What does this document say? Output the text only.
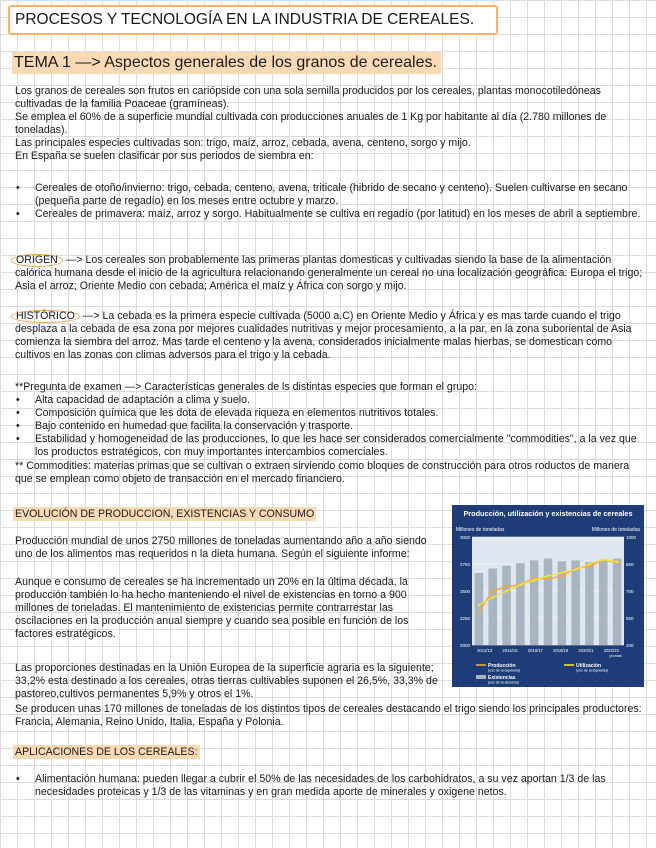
PROCESOS Y TECNOLOGÍA EN LA INDUSTRIA DE CEREALES.
TEMA 1 —> Aspectos generales de los granos de cereales.

Los granos de cereales son frutos en cariópside con una sola semilla producidos por los cereales, plantas monocotiledóneas cultivadas de la familia Poaceae (gramíneas).

Se emplea el 60% de a superficie mundial cultivada con producciones anuales de 1 Kg por habitante al día (2.780 millones de toneladas).

Las principales especies cultivadas son: trigo, maíz, arroz, cebada, avena, centeno, sorgo y mijo.

En España se suelen clasificar por sus periodos de siembra en:

• Cereales de otoño/invierno: trigo, cebada, centeno, avena, triticale (hibrido de secano y centeno). Suelen cultivarse en secano (pequeña parte de regadío) en los meses entre octubre y marzo.
• Cereales de primavera: maíz, arroz y sorgo. Habitualmente se cultiva en regadío (por latitud) en los meses de abril a septiembre.

ORIGEN —> Los cereales son probablemente las primeras plantas domesticas y cultivadas siendo la base de la alimentación calórica humana desde el inicio de la agricultura relacionando generalmente un cereal no una localización geográfica: Europa el trigo; Asia el arroz; Oriente Medio con cebada; América el maíz y África con sorgo y mijo.

HISTÓRICO —> La cebada es la primera especie cultivada (5000 a.C) en Oriente Medio y África y es mas tarde cuando el trigo desplaza a la cebada de esa zona por mejores cualidades nutritivas y mejor procesamiento, a la par, en la zona suboriental de Asia comienza la siembra del arroz. Mas tarde el centeno y la avena, considerados inicialmente malas hierbas, se domestican como cultivos en las zonas con climas adversos para el trigo y la cebada.

**Pregunta de examen —> Características generales de ls distintas especies que forman el grupo:

• Alta capacidad de adaptación a clima y suelo.
• Composición química que les dota de elevada riqueza en elementos nutritivos totales.
• Bajo contenido en humedad que facilita la conservación y trasporte.
• Estabilidad y homogeneidad de las producciones, lo que les hace ser considerados comercialmente "commodities", a la vez que los productos estratégicos, con muy importantes intercambios comerciales.

** Commodities: materias primas que se cultivan o extraen sirviendo como bloques de construcción para otros roductos de manera que se emplean como objeto de transacción en el mercado financiero.

EVOLUCIÓN DE PRODUCCION, EXISTENCIAS Y CONSUMO

Producción mundial de unos 2750 millones de toneladas aumentando año a año siendo uno de los alimentos mas requeridos n la dieta humana. Según el siguiente informe:

Aunque e consumo de cereales se ha incrementado un 20% en la última década, la producción también lo ha hecho manteniendo el nivel de existencias en torno a 900 millones de toneladas. El mantenimiento de existencias permite contrarrestar las oscilaciones en la producción anual siempre y cuando sea posible en función de los factores estratégicos.

Las proporciones destinadas en la Unión Europea de la superficie agraria es la siguiente; 33,2% esta destinado a los cereales, otras tierras cultivables suponen el 26,5%, 33,3% de pastoreo,cultivos permanentes 5,9% y otros el 1%.

Se producen unas 170 millones de toneladas de los distintos tipos de cereales destacando el trigo siendo los principales productores: Francia, Alemania, Reino Unido, Italia, España y Polonia.

APLICACIONES DE LOS CEREALES:

• Alimentación humana: pueden llegar a cubrir el 50% de las necesidades de los carbohidratos, a su vez aportan 1/3 de las necesidades proteicas y 1/3 de las vitaminas y en gran medida aporte de minerales y oxigene netos.
Producción, utilización y existencias de cereales
Millones de toneladas	Millones de toneladas
3000	1000
2750	850
2500	700
2250	550
2000	400
2012/13 2014/15 2016/17 2018/19 2020/21 2022/23
pronóst.
Producción
(esc de la izquierda)
Utilización
(esc de la izquierda)
Existencias
(esc de la derecha)
